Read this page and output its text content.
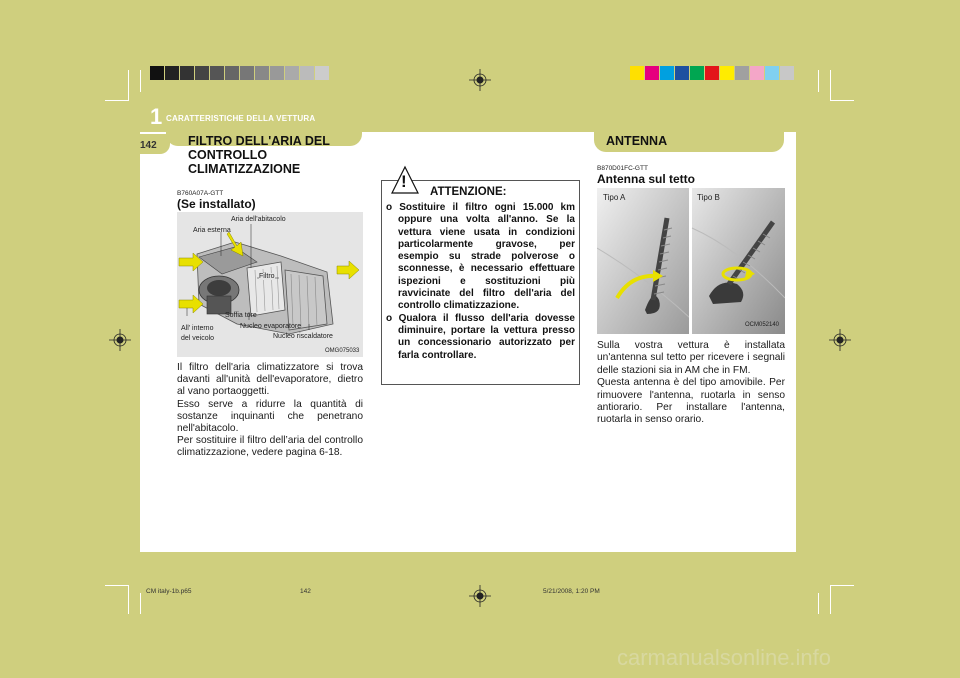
1 CARATTERISTICHE DELLA VETTURA
142	FILTRO DELL'ARIA DEL
CONTROLLO
CLIMATIZZAZIONE
B760A07A-GTT
(Se installato)
Aria dell'abitacolo
Aria esterna
Filtro
Soffia tore
Nucleo evaporatore
All' interno
del veicolo	Nucleo riscaldatore
OMG075033

Il filtro dell'aria climatizzatore si trova davanti all'unità dell'evaporatore, dietro al vano portaoggetti.

Esso serve a ridurre la quantità di sostanze inquinanti che penetrano nell'abitacolo.

Per sostituire il filtro dell’aria del controllo climatizzazione, vedere pagina 6-18.

!
ATTENZIONE:
o Sostituire il filtro ogni 15.000 km oppure una volta all'anno. Se la vettura viene usata in condizioni particolarmente gravose, per esempio su strade polverose o sconnesse, è necessario effettuare ispezioni e sostituzioni più ravvicinate del filtro dell'aria del controllo climatizzazione.
o Qualora il flusso dell'aria dovesse diminuire, portare la vettura presso un concessionario autorizzato per farla controllare.
ANTENNA
B870D01FC-GTT
Antenna sul tetto
Tipo A	Tipo B
OCM052140

Sulla vostra vettura è installata un'antenna sul tetto per ricevere i segnali delle stazioni sia in AM che in FM.

Questa antenna è del tipo amovibile. Per rimuovere l'antenna, ruotarla in senso antiorario. Per installare l'antenna, ruotarla in senso orario.

CM italy-1b.p65	142	5/21/2008, 1:20 PM
carmanualsonline.info
